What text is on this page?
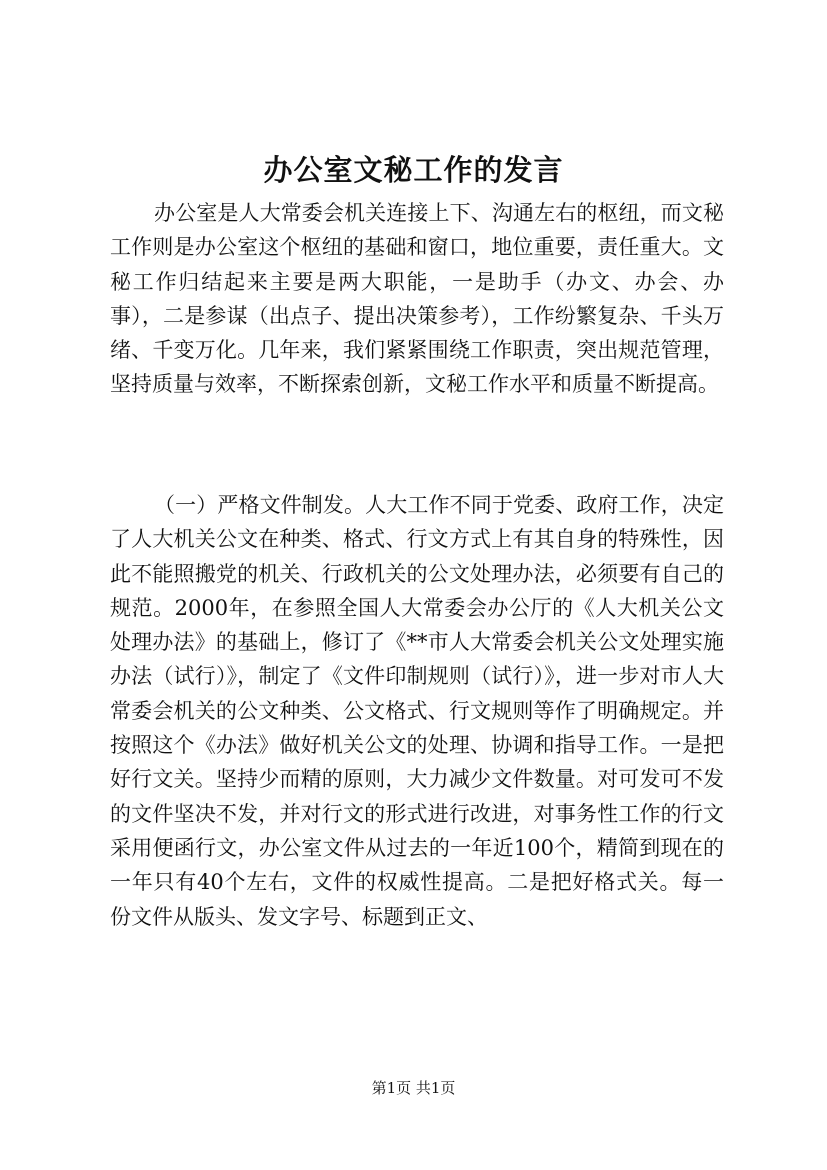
办公室文秘工作的发言

办公室是人大常委会机关连接上下、沟通左右的枢纽，而文秘工作则是办公室这个枢纽的基础和窗口，地位重要，责任重大。文秘工作归结起来主要是两大职能，一是助手（办文、办会、办事），二是参谋（出点子、提出决策参考），工作纷繁复杂、千头万绪、千变万化。几年来，我们紧紧围绕工作职责，突出规范管理，坚持质量与效率，不断探索创新，文秘工作水平和质量不断提高。

（一）严格文件制发。人大工作不同于党委、政府工作，决定了人大机关公文在种类、格式、行文方式上有其自身的特殊性，因此不能照搬党的机关、行政机关的公文处理办法，必须要有自己的规范。2000年，在参照全国人大常委会办公厅的《人大机关公文处理办法》的基础上，修订了《**市人大常委会机关公文处理实施办法（试行）》，制定了《文件印制规则（试行）》，进一步对市人大常委会机关的公文种类、公文格式、行文规则等作了明确规定。并按照这个《办法》做好机关公文的处理、协调和指导工作。一是把好行文关。坚持少而精的原则，大力减少文件数量。对可发可不发的文件坚决不发，并对行文的形式进行改进，对事务性工作的行文采用便函行文，办公室文件从过去的一年近100个，精简到现在的一年只有40个左右，文件的权威性提高。二是把好格式关。每一份文件从版头、发文字号、标题到正文、

第1页 共1页
